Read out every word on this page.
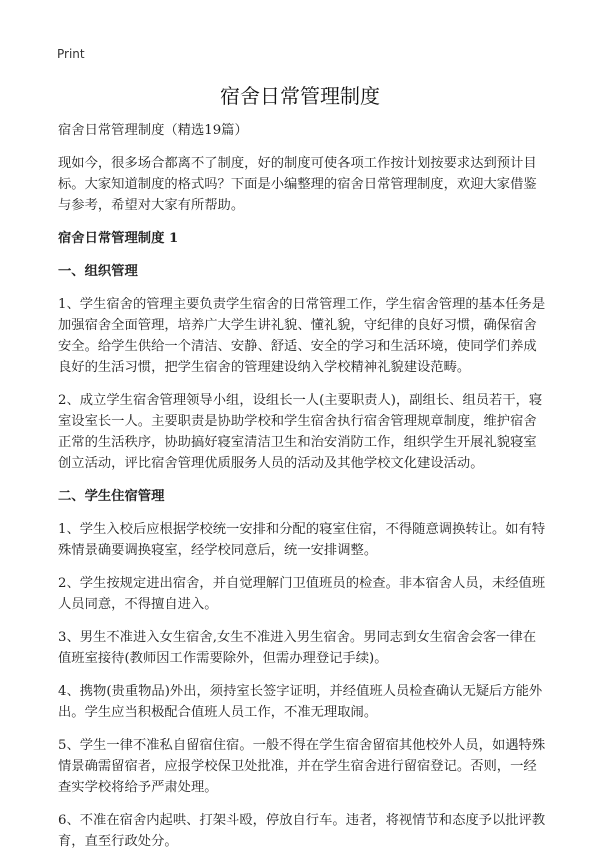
Print
宿舍日常管理制度

宿舍日常管理制度（精选19篇）

现如今，很多场合都离不了制度，好的制度可使各项工作按计划按要求达到预计目标。大家知道制度的格式吗？下面是小编整理的宿舍日常管理制度，欢迎大家借鉴与参考，希望对大家有所帮助。

宿舍日常管理制度 1

一、组织管理

1、学生宿舍的管理主要负责学生宿舍的日常管理工作，学生宿舍管理的基本任务是加强宿舍全面管理，培养广大学生讲礼貌、懂礼貌，守纪律的良好习惯，确保宿舍安全。给学生供给一个清洁、安静、舒适、安全的学习和生活环境，使同学们养成良好的生活习惯，把学生宿舍的管理建设纳入学校精神礼貌建设范畴。

2、成立学生宿舍管理领导小组，设组长一人(主要职责人)，副组长、组员若干，寝室设室长一人。主要职责是协助学校和学生宿舍执行宿舍管理规章制度，维护宿舍正常的生活秩序，协助搞好寝室清洁卫生和治安消防工作，组织学生开展礼貌寝室创立活动，评比宿舍管理优质服务人员的活动及其他学校文化建设活动。

二、学生住宿管理

1、学生入校后应根据学校统一安排和分配的寝室住宿，不得随意调换转让。如有特殊情景确要调换寝室，经学校同意后，统一安排调整。

2、学生按规定进出宿舍，并自觉理解门卫值班员的检查。非本宿舍人员，未经值班人员同意，不得擅自进入。

3、男生不准进入女生宿舍,女生不准进入男生宿舍。男同志到女生宿舍会客一律在值班室接待(教师因工作需要除外，但需办理登记手续)。

4、携物(贵重物品)外出，须持室长签字证明，并经值班人员检查确认无疑后方能外出。学生应当积极配合值班人员工作，不准无理取闹。

5、学生一律不准私自留宿住宿。一般不得在学生宿舍留宿其他校外人员，如遇特殊情景确需留宿者，应报学校保卫处批准，并在学生宿舍进行留宿登记。否则，一经查实学校将给予严肃处理。

6、不准在宿舍内起哄、打架斗殴，停放自行车。违者，将视情节和态度予以批评教育，直至行政处分。
